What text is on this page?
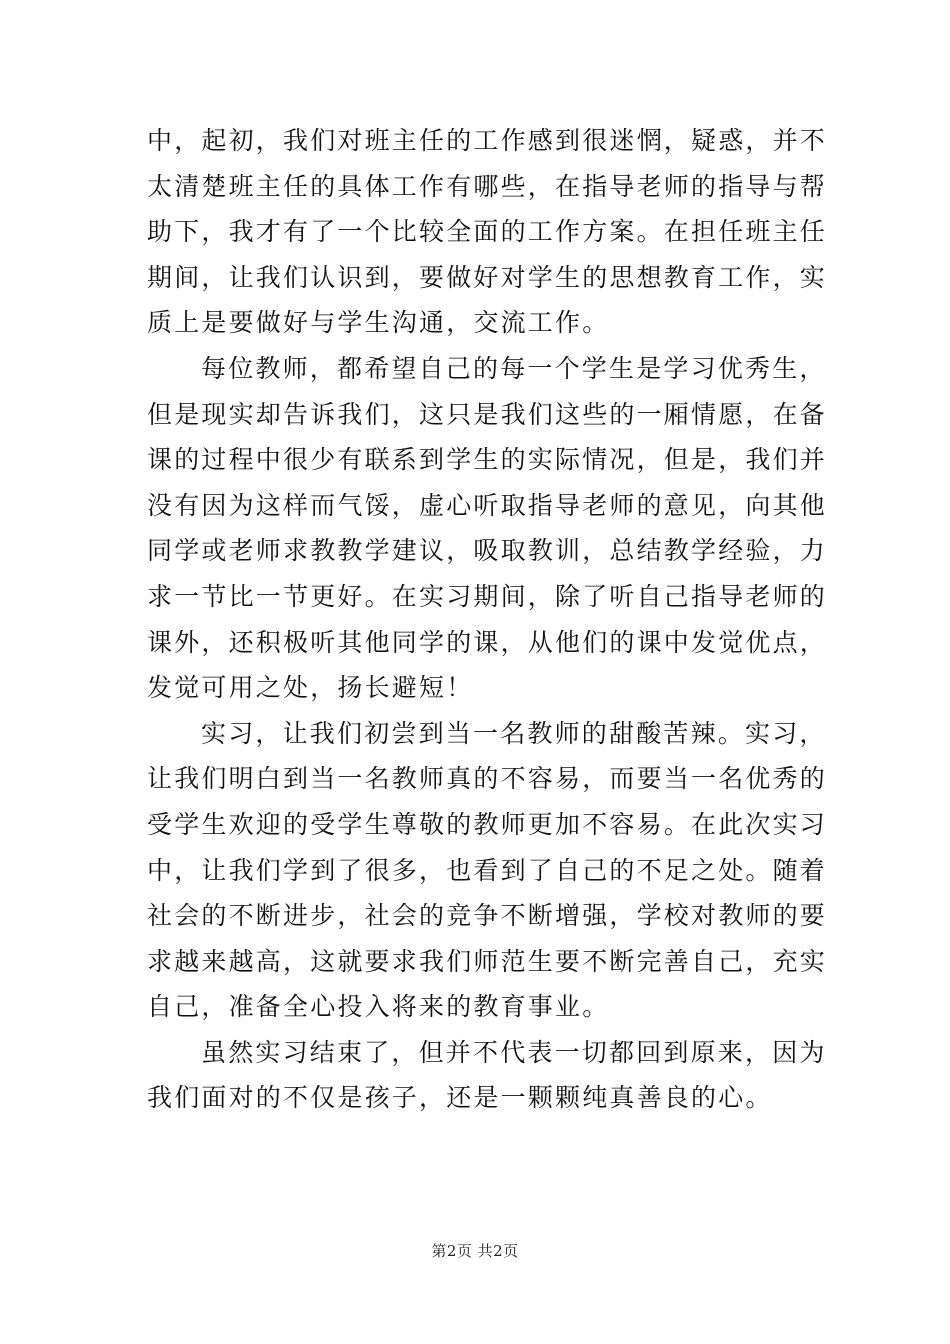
中，起初，我们对班主任的工作感到很迷惘，疑惑，并不
太清楚班主任的具体工作有哪些，在指导老师的指导与帮
助下，我才有了一个比较全面的工作方案。在担任班主任
期间，让我们认识到，要做好对学生的思想教育工作，实
质上是要做好与学生沟通，交流工作。
每位教师，都希望自己的每一个学生是学习优秀生，
但是现实却告诉我们，这只是我们这些的一厢情愿，在备
课的过程中很少有联系到学生的实际情况，但是，我们并
没有因为这样而气馁，虚心听取指导老师的意见，向其他
同学或老师求教教学建议，吸取教训，总结教学经验，力
求一节比一节更好。在实习期间，除了听自己指导老师的
课外，还积极听其他同学的课，从他们的课中发觉优点，
发觉可用之处，扬长避短！
实习，让我们初尝到当一名教师的甜酸苦辣。实习，
让我们明白到当一名教师真的不容易，而要当一名优秀的
受学生欢迎的受学生尊敬的教师更加不容易。在此次实习
中，让我们学到了很多，也看到了自己的不足之处。随着
社会的不断进步，社会的竞争不断增强，学校对教师的要
求越来越高，这就要求我们师范生要不断完善自己，充实
自己，准备全心投入将来的教育事业。
虽然实习结束了，但并不代表一切都回到原来，因为
我们面对的不仅是孩子，还是一颗颗纯真善良的心。
第2页 共2页
